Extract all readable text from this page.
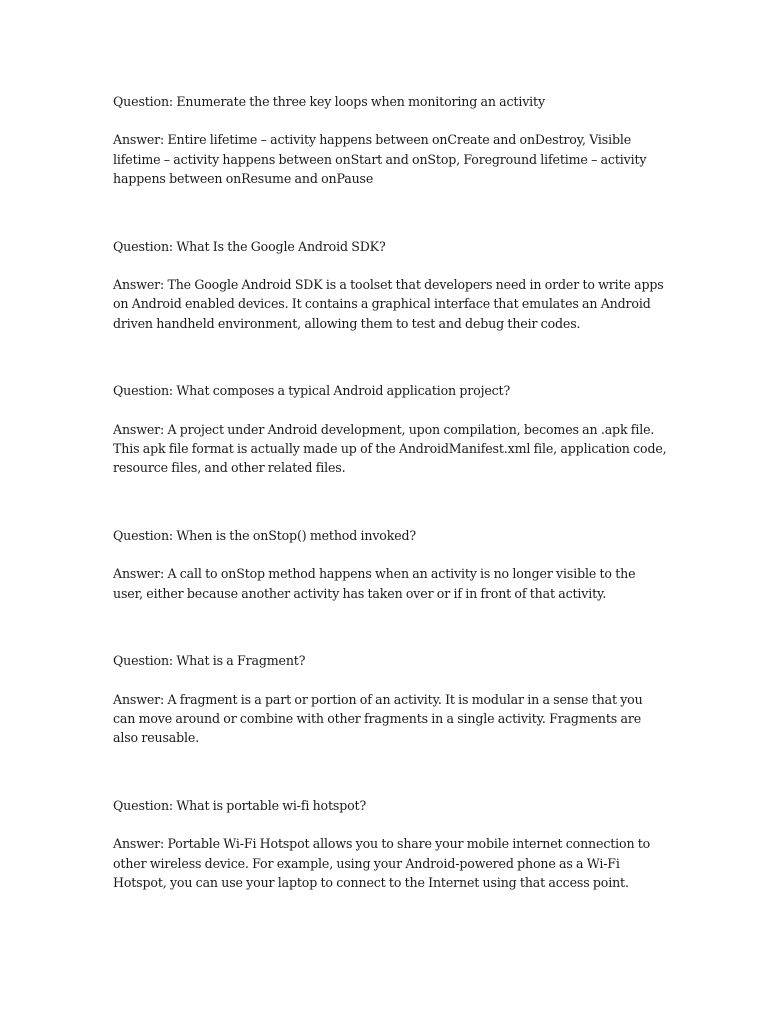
Question: Enumerate the three key loops when monitoring an activity

Answer: Entire lifetime – activity happens between onCreate and onDestroy, Visible lifetime – activity happens between onStart and onStop, Foreground lifetime – activity happens between onResume and onPause

Question: What Is the Google Android SDK?

Answer: The Google Android SDK is a toolset that developers need in order to write apps on Android enabled devices. It contains a graphical interface that emulates an Android driven handheld environment, allowing them to test and debug their codes.

Question: What composes a typical Android application project?

Answer: A project under Android development, upon compilation, becomes an .apk file. This apk file format is actually made up of the AndroidManifest.xml file, application code, resource files, and other related files.

Question: When is the onStop() method invoked?

Answer: A call to onStop method happens when an activity is no longer visible to the user, either because another activity has taken over or if in front of that activity.

Question: What is a Fragment?

Answer: A fragment is a part or portion of an activity. It is modular in a sense that you can move around or combine with other fragments in a single activity. Fragments are also reusable.

Question: What is portable wi-fi hotspot?

Answer: Portable Wi-Fi Hotspot allows you to share your mobile internet connection to other wireless device. For example, using your Android-powered phone as a Wi-Fi Hotspot, you can use your laptop to connect to the Internet using that access point.
